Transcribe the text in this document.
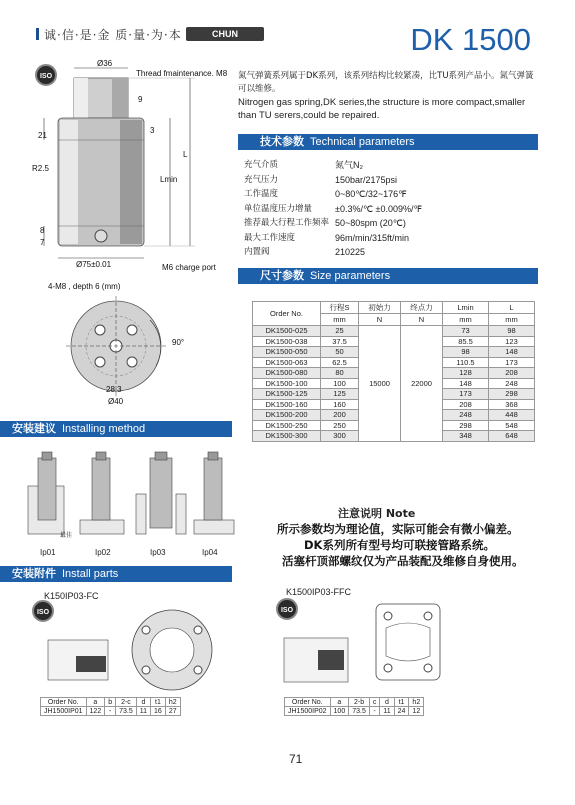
诚·信·是·金 质·量·为·本	CHUN	DK 1500
ISO
Ø36
Thread fmaintenance. M8
9
3
21
L
Lmin
R2.5
8
7
Ø75±0.01	M6 charge port
4-M8 , depth 6 (mm)
90°
28.3
Ø40
氮气弹簧系列属于DK系列，该系列结构比较紧凑，比TU系列产品小。氮气弹簧可以维修。
Nitrogen gas spring,DK series,the structure is more compact,smaller than TU serers,could be repaired.
技术参数 Technical parameters
充气介质	氮气N₂
充气压力	150bar/2175psi
工作温度	0~80℃/32~176℉
单位温度压力增量	±0.3%/℃ ±0.009%/℉
推荐最大行程工作频率 50~80spm (20℃)
最大工作速度	96m/min/315ft/min
内置阀	210225
尺寸参数 Size parameters
Order No.	行程S	初始力	终点力	Lmin	L
	mm	N	N	mm	mm
DK1500-025	25	15000	22000	73	98
DK1500-038	37.5			85.5	123
DK1500-050	50			98	148
DK1500-063	62.5			110.5	173
DK1500-080	80			128	208
DK1500-100	100			148	248
DK1500-125	125			173	298
DK1500-160	160			208	368
DK1500-200	200			248	448
DK1500-250	250			298	548
DK1500-300	300			348	648
安装建议 Installing method
最佳
Ip01	Ip02	Ip03	Ip04
注意说明 Note
所示参数均为理论值，实际可能会有微小偏差。
DK系列所有型号均可联接管路系统。
活塞杆顶部螺纹仅为产品装配及维修自身使用。
安装附件 Install parts
K150IP03-FC
ISO
Order No.	a	b	2-c	d	t1	h2
JH1500IP01	122	-	73.5	11	16	27
K1500IP03-FFC
ISO
Order No.	a	2-b	c	d	t1	h2
JH1500IP02	100	73.5	-	11	24	12
71
